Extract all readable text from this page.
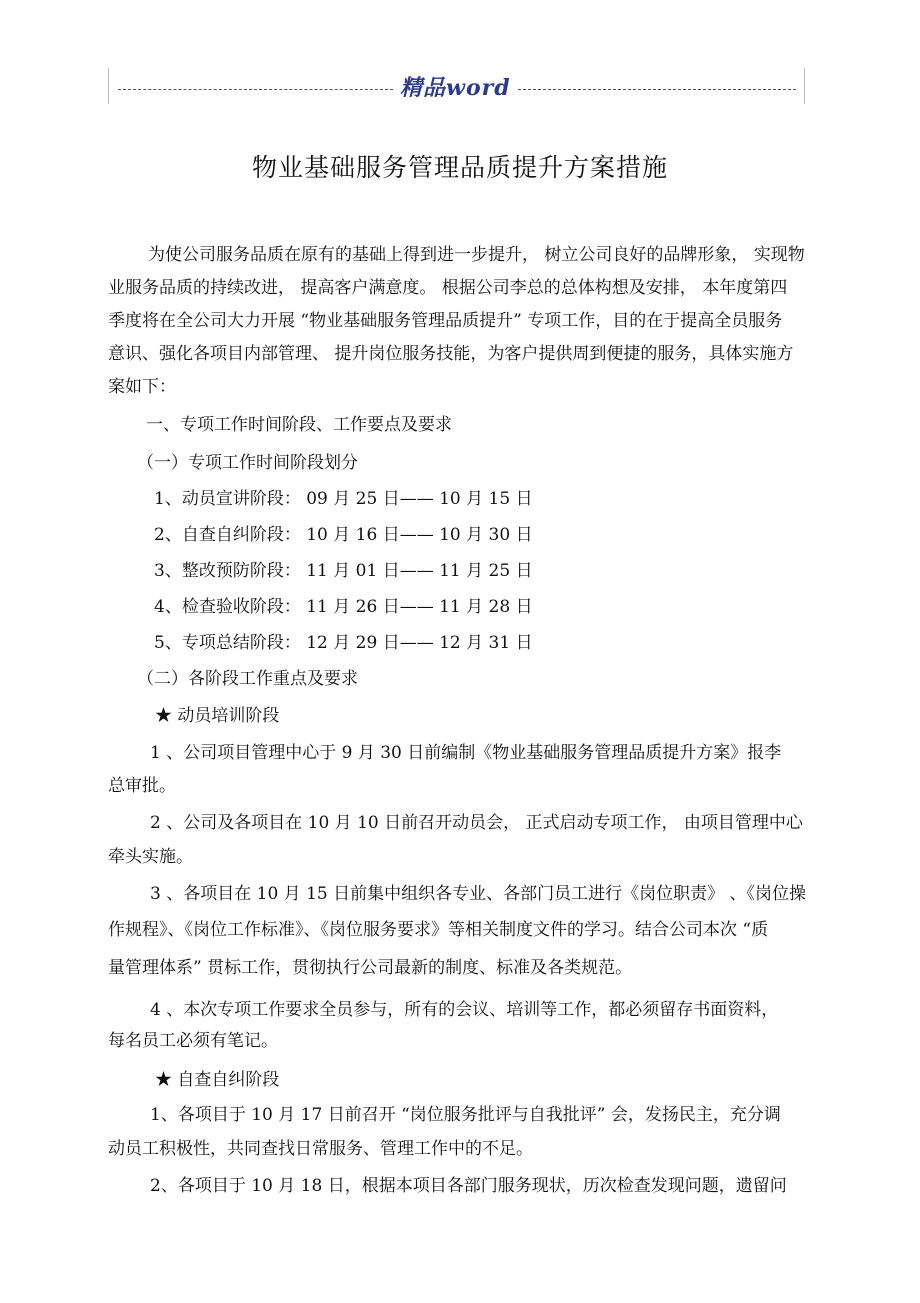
精品word
物业基础服务管理品质提升方案措施
为使公司服务品质在原有的基础上得到进一步提升， 树立公司良好的品牌形象， 实现物
业服务品质的持续改进， 提高客户满意度。 根据公司李总的总体构想及安排， 本年度第四
季度将在全公司大力开展 “物业基础服务管理品质提升” 专项工作，目的在于提高全员服务
意识、强化各项目内部管理、 提升岗位服务技能，为客户提供周到便捷的服务，具体实施方
案如下：
一、专项工作时间阶段、工作要点及要求
（一）专项工作时间阶段划分
1、动员宣讲阶段： 09 月 25 日—— 10 月 15 日
2、自查自纠阶段： 10 月 16 日—— 10 月 30 日
3、整改预防阶段： 11 月 01 日—— 11 月 25 日
4、检查验收阶段： 11 月 26 日—— 11 月 28 日
5、专项总结阶段： 12 月 29 日—— 12 月 31 日
（二）各阶段工作重点及要求
★ 动员培训阶段
1 、公司项目管理中心于 9 月 30 日前编制《物业基础服务管理品质提升方案》报李
总审批。
2 、公司及各项目在 10 月 10 日前召开动员会， 正式启动专项工作， 由项目管理中心
牵头实施。
3 、各项目在 10 月 15 日前集中组织各专业、各部门员工进行《岗位职责》 、《岗位操
作规程》、《岗位工作标准》、《岗位服务要求》等相关制度文件的学习。结合公司本次 “质
量管理体系” 贯标工作，贯彻执行公司最新的制度、标准及各类规范。
4 、本次专项工作要求全员参与，所有的会议、培训等工作，都必须留存书面资料，
每名员工必须有笔记。
★ 自查自纠阶段
1、各项目于 10 月 17 日前召开 “岗位服务批评与自我批评” 会，发扬民主，充分调
动员工积极性，共同查找日常服务、管理工作中的不足。
2、各项目于 10 月 18 日，根据本项目各部门服务现状，历次检查发现问题，遗留问
